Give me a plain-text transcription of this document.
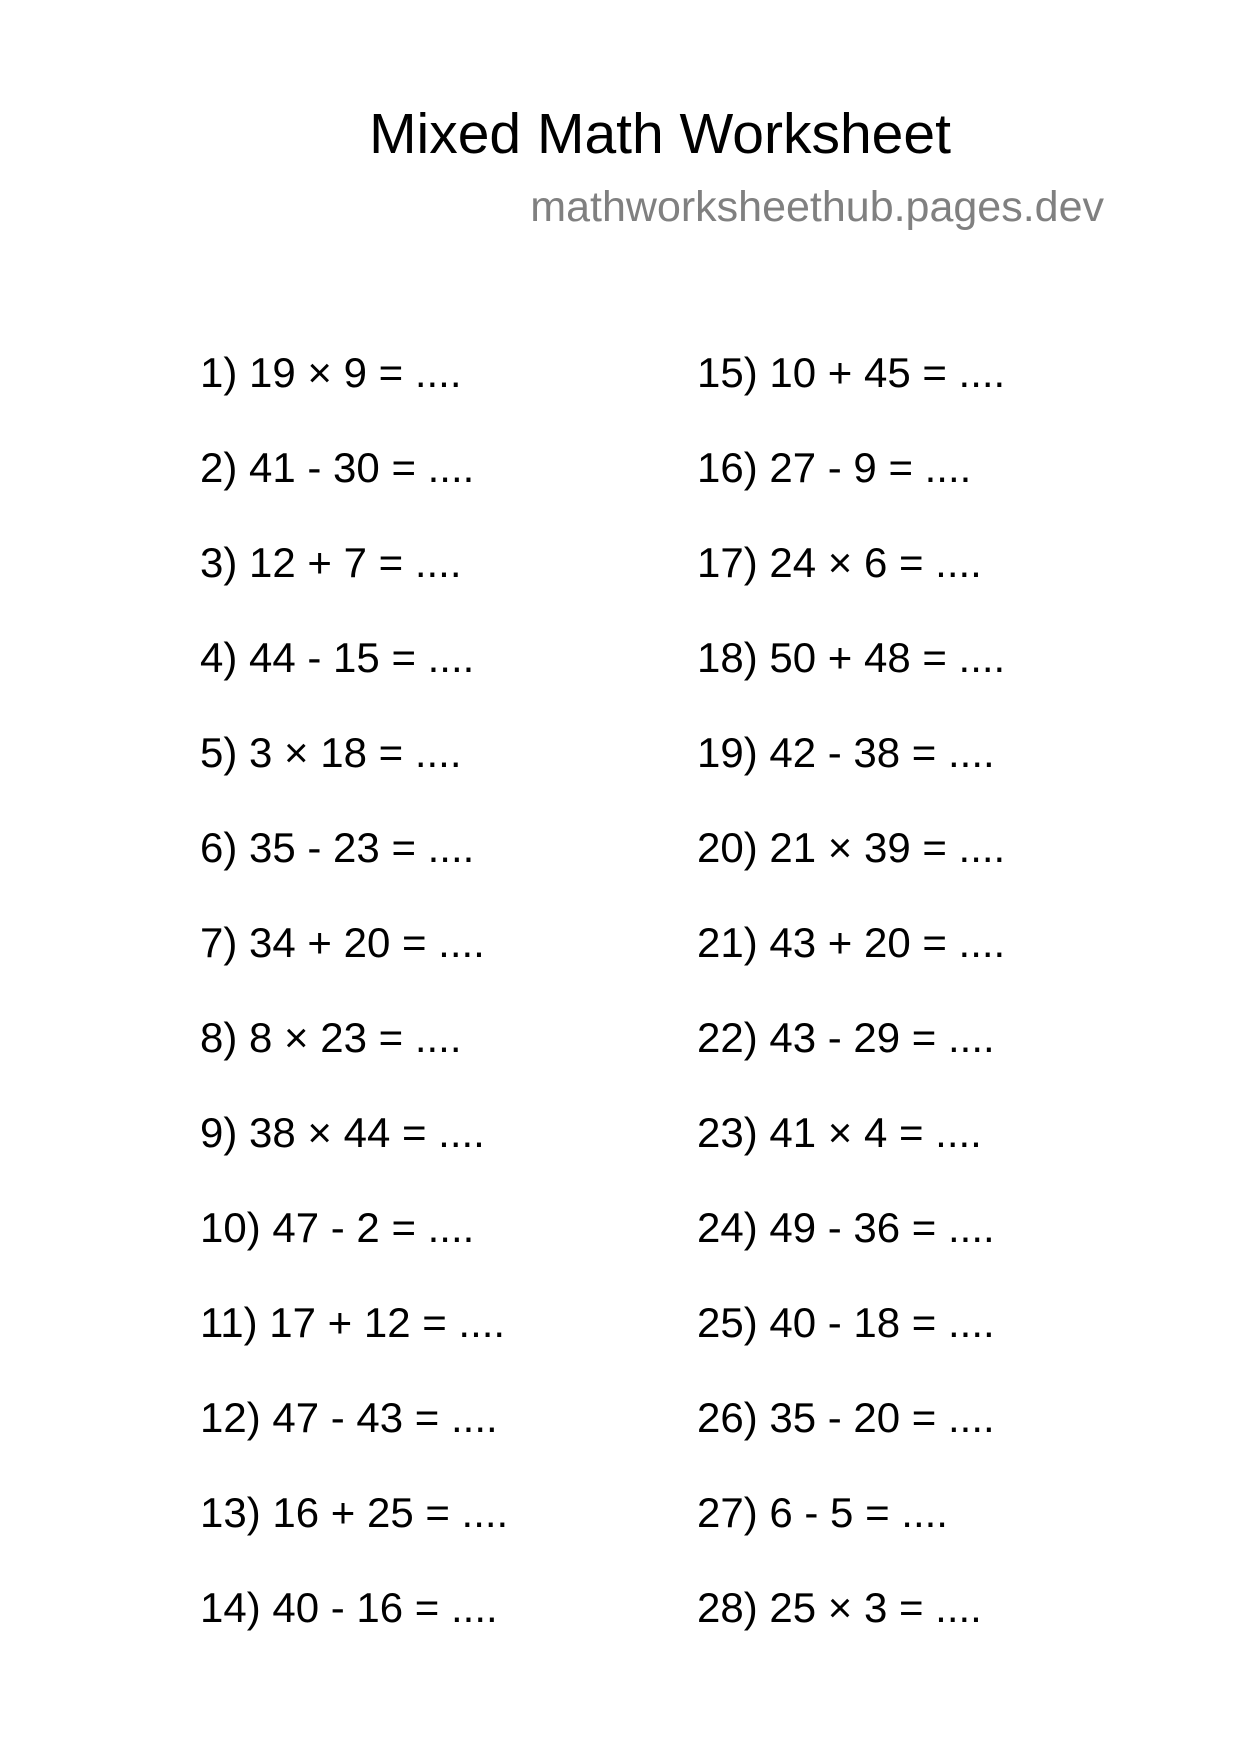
Mixed Math Worksheet
mathworksheethub.pages.dev
1) 19 × 9 = ....
2) 41 - 30 = ....
3) 12 + 7 = ....
4) 44 - 15 = ....
5) 3 × 18 = ....
6) 35 - 23 = ....
7) 34 + 20 = ....
8) 8 × 23 = ....
9) 38 × 44 = ....
10) 47 - 2 = ....
11) 17 + 12 = ....
12) 47 - 43 = ....
13) 16 + 25 = ....
14) 40 - 16 = ....
15) 10 + 45 = ....
16) 27 - 9 = ....
17) 24 × 6 = ....
18) 50 + 48 = ....
19) 42 - 38 = ....
20) 21 × 39 = ....
21) 43 + 20 = ....
22) 43 - 29 = ....
23) 41 × 4 = ....
24) 49 - 36 = ....
25) 40 - 18 = ....
26) 35 - 20 = ....
27) 6 - 5 = ....
28) 25 × 3 = ....
